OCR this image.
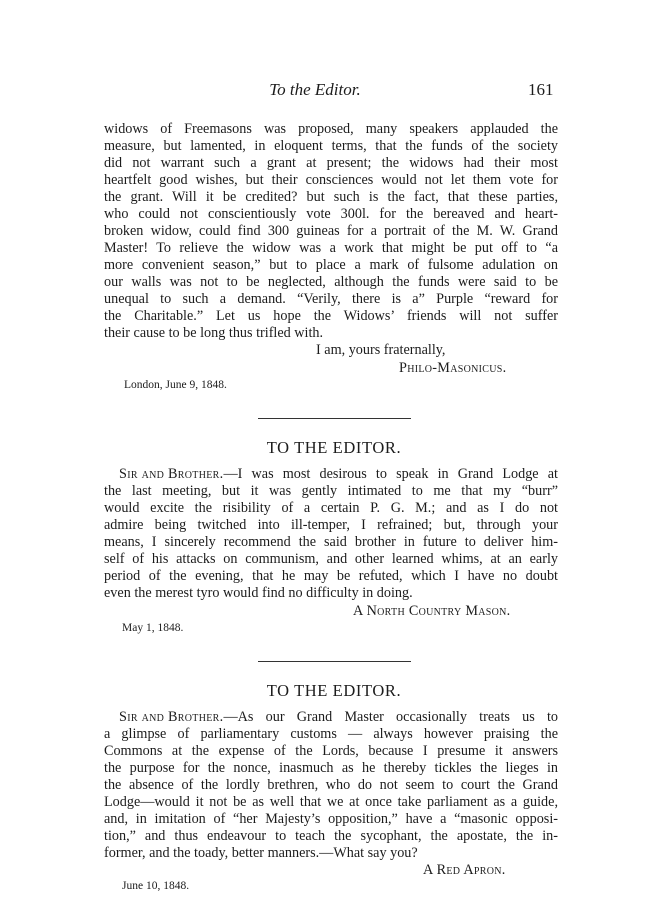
To the Editor.	161
widows of Freemasons was proposed, many speakers applauded the
measure, but lamented, in eloquent terms, that the funds of the society
did not warrant such a grant at present; the widows had their most
heartfelt good wishes, but their consciences would not let them vote for
the grant. Will it be credited? but such is the fact, that these parties,
who could not conscientiously vote 300l. for the bereaved and heart-
broken widow, could find 300 guineas for a portrait of the M. W. Grand
Master! To relieve the widow was a work that might be put off to “a
more convenient season,” but to place a mark of fulsome adulation on
our walls was not to be neglected, although the funds were said to be
unequal to such a demand. “Verily, there is a” Purple “reward for
the Charitable.” Let us hope the Widows’ friends will not suffer
their cause to be long thus trifled with.
I am, yours fraternally,
Philo-Masonicus.
London, June 9, 1848.
TO THE EDITOR.
Sir and Brother. —I was most desirous to speak in Grand Lodge at
the last meeting, but it was gently intimated to me that my “burr”
would excite the risibility of a certain P. G. M.; and as I do not
admire being twitched into ill-temper, I refrained; but, through your
means, I sincerely recommend the said brother in future to deliver him-
self of his attacks on communism, and other learned whims, at an early
period of the evening, that he may be refuted, which I have no doubt
even the merest tyro would find no difficulty in doing.
A North Country Mason.
May 1, 1848.
TO THE EDITOR.
Sir and Brother. —As our Grand Master occasionally treats us to
a glimpse of parliamentary customs — always however praising the
Commons at the expense of the Lords, because I presume it answers
the purpose for the nonce, inasmuch as he thereby tickles the lieges in
the absence of the lordly brethren, who do not seem to court the Grand
Lodge—would it not be as well that we at once take parliament as a guide,
and, in imitation of “her Majesty’s opposition,” have a “masonic opposi-
tion,” and thus endeavour to teach the sycophant, the apostate, the in-
former, and the toady, better manners.—What say you?
A Red Apron.
June 10, 1848.
